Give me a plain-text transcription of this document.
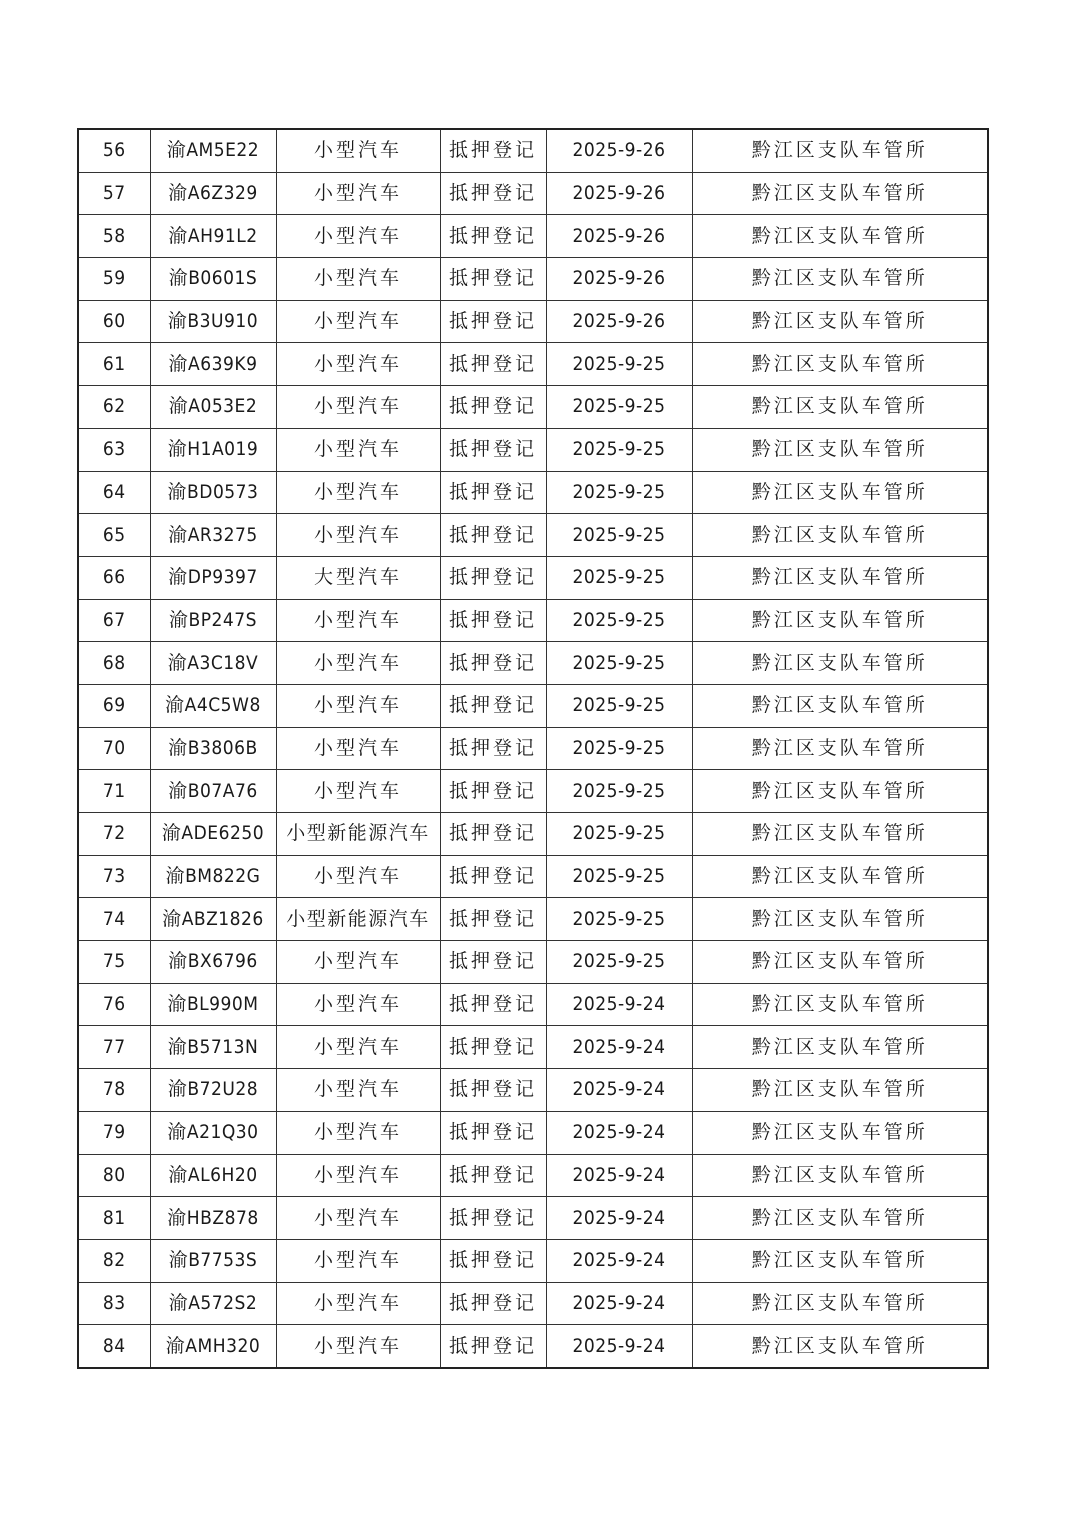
56	渝AM5E22	小型汽车	抵押登记	2025-9-26	黔江区支队车管所
57	渝A6Z329	小型汽车	抵押登记	2025-9-26	黔江区支队车管所
58	渝AH91L2	小型汽车	抵押登记	2025-9-26	黔江区支队车管所
59	渝B0601S	小型汽车	抵押登记	2025-9-26	黔江区支队车管所
60	渝B3U910	小型汽车	抵押登记	2025-9-26	黔江区支队车管所
61	渝A639K9	小型汽车	抵押登记	2025-9-25	黔江区支队车管所
62	渝A053E2	小型汽车	抵押登记	2025-9-25	黔江区支队车管所
63	渝H1A019	小型汽车	抵押登记	2025-9-25	黔江区支队车管所
64	渝BD0573	小型汽车	抵押登记	2025-9-25	黔江区支队车管所
65	渝AR3275	小型汽车	抵押登记	2025-9-25	黔江区支队车管所
66	渝DP9397	大型汽车	抵押登记	2025-9-25	黔江区支队车管所
67	渝BP247S	小型汽车	抵押登记	2025-9-25	黔江区支队车管所
68	渝A3C18V	小型汽车	抵押登记	2025-9-25	黔江区支队车管所
69	渝A4C5W8	小型汽车	抵押登记	2025-9-25	黔江区支队车管所
70	渝B3806B	小型汽车	抵押登记	2025-9-25	黔江区支队车管所
71	渝B07A76	小型汽车	抵押登记	2025-9-25	黔江区支队车管所
72	渝ADE6250	小型新能源汽车	抵押登记	2025-9-25	黔江区支队车管所
73	渝BM822G	小型汽车	抵押登记	2025-9-25	黔江区支队车管所
74	渝ABZ1826	小型新能源汽车	抵押登记	2025-9-25	黔江区支队车管所
75	渝BX6796	小型汽车	抵押登记	2025-9-25	黔江区支队车管所
76	渝BL990M	小型汽车	抵押登记	2025-9-24	黔江区支队车管所
77	渝B5713N	小型汽车	抵押登记	2025-9-24	黔江区支队车管所
78	渝B72U28	小型汽车	抵押登记	2025-9-24	黔江区支队车管所
79	渝A21Q30	小型汽车	抵押登记	2025-9-24	黔江区支队车管所
80	渝AL6H20	小型汽车	抵押登记	2025-9-24	黔江区支队车管所
81	渝HBZ878	小型汽车	抵押登记	2025-9-24	黔江区支队车管所
82	渝B7753S	小型汽车	抵押登记	2025-9-24	黔江区支队车管所
83	渝A572S2	小型汽车	抵押登记	2025-9-24	黔江区支队车管所
84	渝AMH320	小型汽车	抵押登记	2025-9-24	黔江区支队车管所
